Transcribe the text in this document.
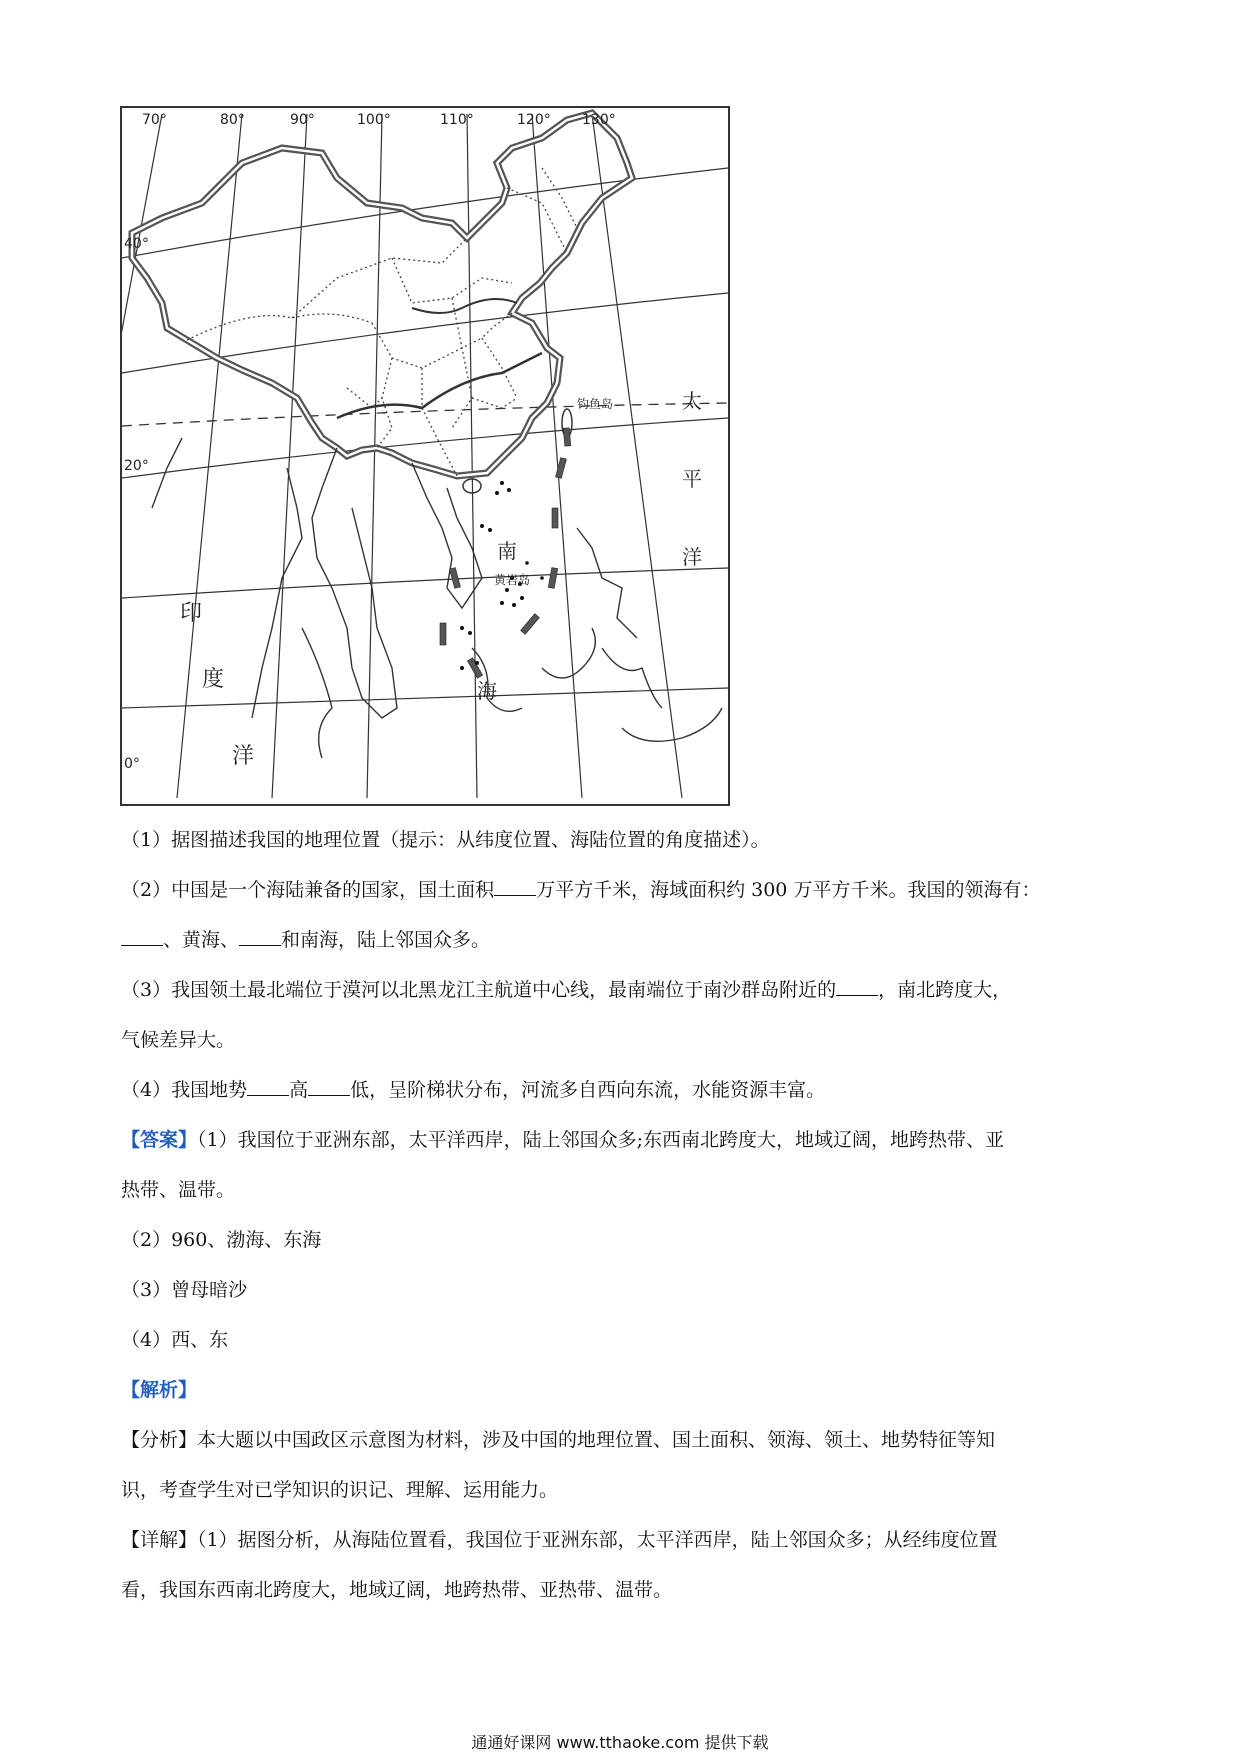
70°	80°	90°	100°	110°	120° 130°
40°
20°
0°
钓鱼岛	太
平
洋
南
黄岩岛
海
印
度
洋

（1）据图描述我国的地理位置（提示：从纬度位置、海陆位置的角度描述）。

（2）中国是一个海陆兼备的国家，国土面积 万平方千米，海域面积约 300 万平方千米。我国的领海有：

、黄海、 和南海，陆上邻国众多。

（3）我国领土最北端位于漠河以北黑龙江主航道中心线，最南端位于南沙群岛附近的 ，南北跨度大，

气候差异大。

（4）我国地势 高 低，呈阶梯状分布，河流多自西向东流，水能资源丰富。

【答案】（1）我国位于亚洲东部，太平洋西岸，陆上邻国众多;东西南北跨度大，地域辽阔，地跨热带、亚

热带、温带。

（2）960、渤海、东海

（3）曾母暗沙

（4）西、东

【解析】

【分析】本大题以中国政区示意图为材料，涉及中国的地理位置、国土面积、领海、领土、地势特征等知

识，考查学生对已学知识的识记、理解、运用能力。

【详解】（1）据图分析，从海陆位置看，我国位于亚洲东部，太平洋西岸，陆上邻国众多；从经纬度位置

看，我国东西南北跨度大，地域辽阔，地跨热带、亚热带、温带。

通通好课网 www.tthaoke.com 提供下载
